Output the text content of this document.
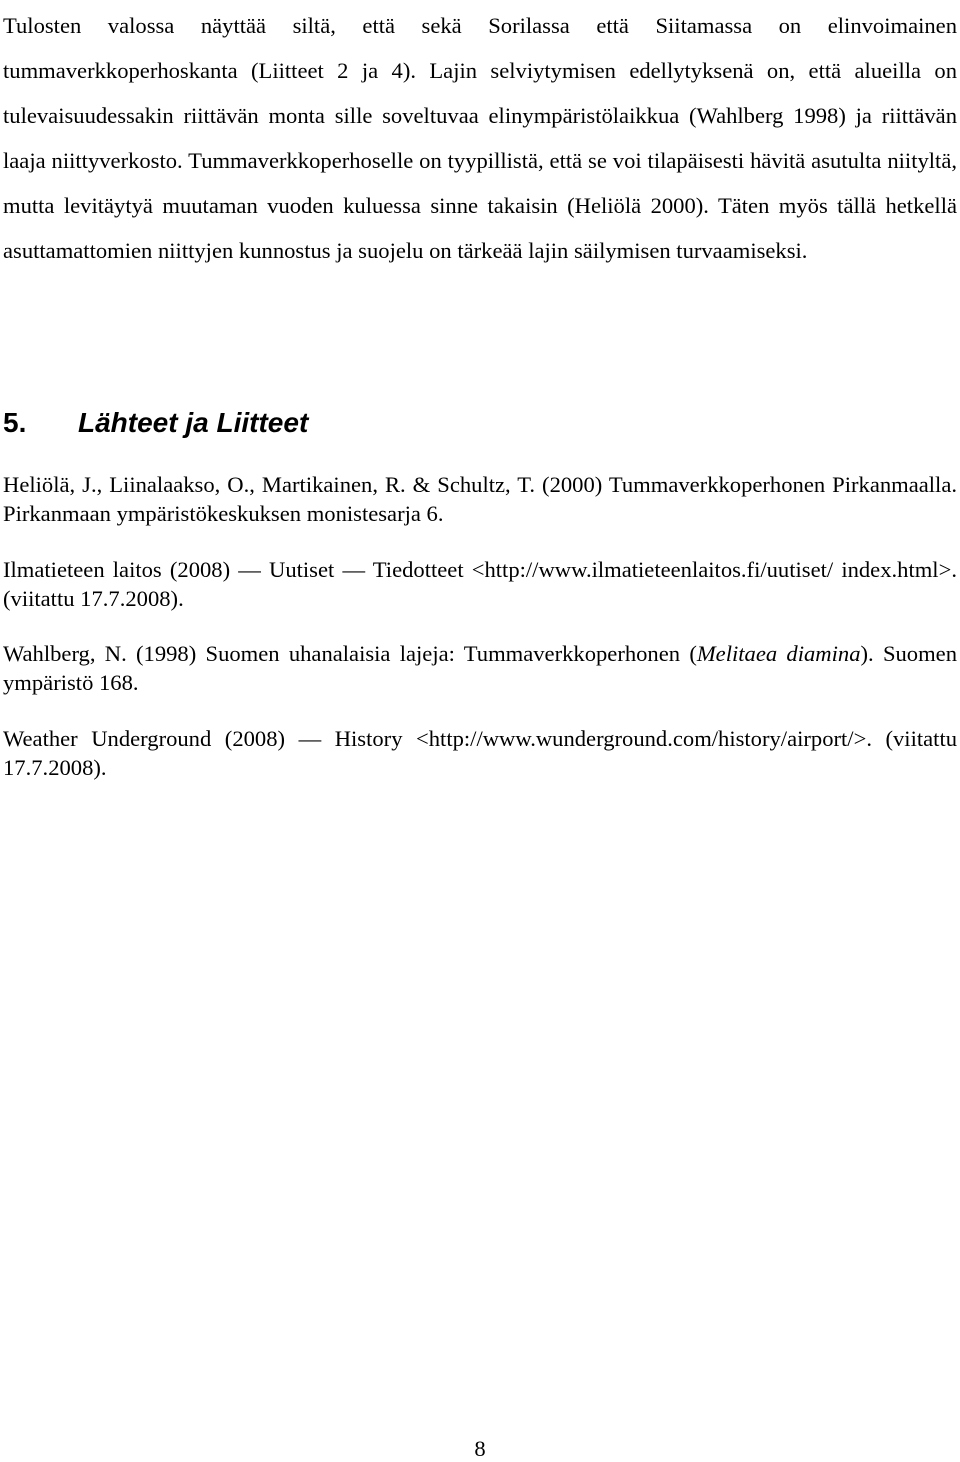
Tulosten valossa näyttää siltä, että sekä Sorilassa että Siitamassa on elinvoimainen tummaverkkoperhoskanta (Liitteet 2 ja 4). Lajin selviytymisen edellytyksenä on, että alueilla on tulevaisuudessakin riittävän monta sille soveltuvaa elinympäristölaikkua (Wahlberg 1998) ja riittävän laaja niittyverkosto. Tummaverkkoperhoselle on tyypillistä, että se voi tilapäisesti hävitä asutulta niityltä, mutta levitäytyä muutaman vuoden kuluessa sinne takaisin (Heliölä 2000). Täten myös tällä hetkellä asuttamattomien niittyjen kunnostus ja suojelu on tärkeää lajin säilymisen turvaamiseksi.

5. Lähteet ja Liitteet

Heliölä, J., Liinalaakso, O., Martikainen, R. & Schultz, T. (2000) Tummaverkkoperhonen Pirkanmaalla. Pirkanmaan ympäristökeskuksen monistesarja 6.

Ilmatieteen laitos (2008) — Uutiset — Tiedotteet <http://www.ilmatieteenlaitos.fi/uutiset/ index.html>. (viitattu 17.7.2008).

Wahlberg, N. (1998) Suomen uhanalaisia lajeja: Tummaverkkoperhonen (Melitaea diamina). Suomen ympäristö 168.

Weather Underground (2008) — History <http://www.wunderground.com/history/airport/>. (viitattu 17.7.2008).

8
